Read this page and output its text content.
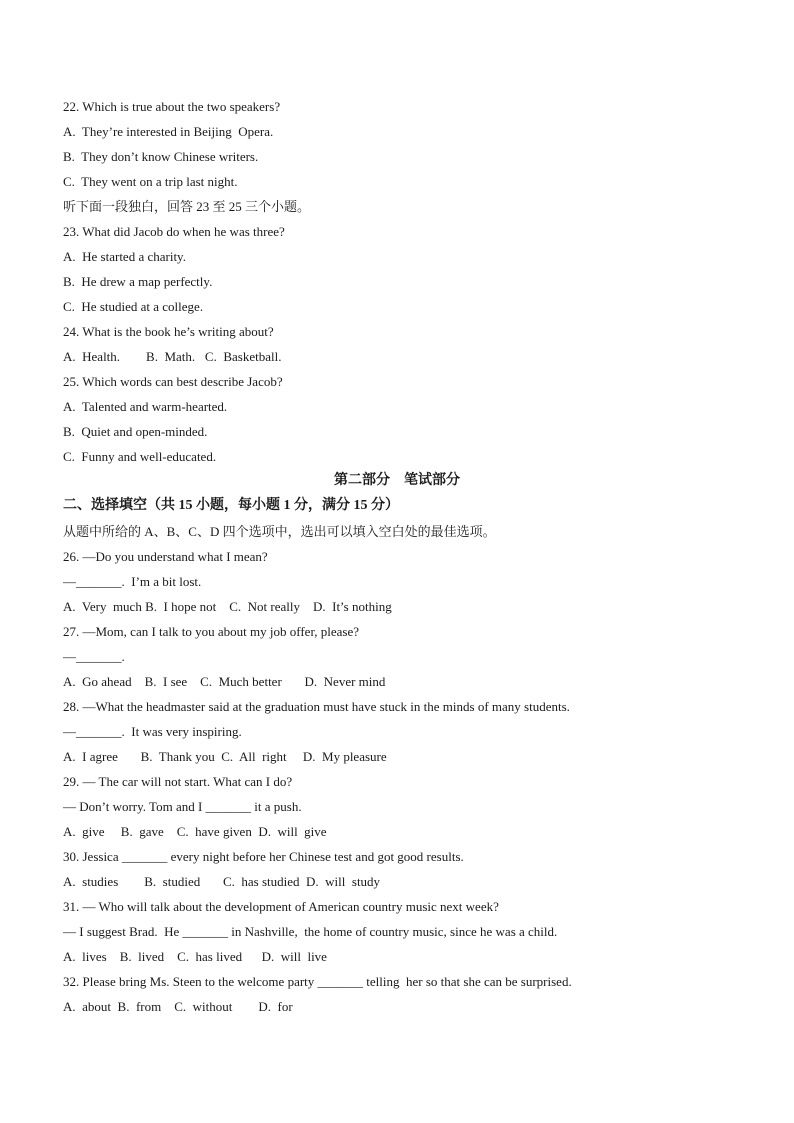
22. Which is true about the two speakers?
A.  They’re interested in Beijing  Opera.
B.  They don’t know Chinese writers.
C.  They went on a trip last night.
听下面一段独白，回答 23 至 25 三个小题。
23. What did Jacob do when he was three?
A.  He started a charity.
B.  He drew a map perfectly.
C.  He studied at a college.
24. What is the book he’s writing about?
A.  Health.        B.  Math.   C.  Basketball.
25. Which words can best describe Jacob?
A.  Talented and warm-hearted.
B.  Quiet and open-minded.
C.  Funny and well-educated.
第二部分    笔试部分
二、选择填空（共 15 小题，每小题 1 分，满分 15 分）
从题中所给的 A、B、C、D 四个选项中，选出可以填入空白处的最佳选项。
26. —Do you understand what I mean?
—_______.  I’m a bit lost.
A.  Very  much B.  I hope not    C.  Not really    D.  It’s nothing
27. —Mom, can I talk to you about my job offer, please?
—_______.
A.  Go ahead    B.  I see    C.  Much better       D.  Never mind
28. —What the headmaster said at the graduation must have stuck in the minds of many students.
—_______.  It was very inspiring.
A.  I agree       B.  Thank you  C.  All  right     D.  My pleasure
29. — The car will not start. What can I do?
— Don’t worry. Tom and I _______ it a push.
A.  give     B.  gave    C.  have given  D.  will  give
30. Jessica _______ every night before her Chinese test and got good results.
A.  studies        B.  studied       C.  has studied  D.  will  study
31. — Who will talk about the development of American country music next week?
— I suggest Brad.  He _______ in Nashville,  the home of country music, since he was a child.
A.  lives    B.  lived    C.  has lived      D.  will  live
32. Please bring Ms. Steen to the welcome party _______ telling  her so that she can be surprised.
A.  about  B.  from    C.  without        D.  for
